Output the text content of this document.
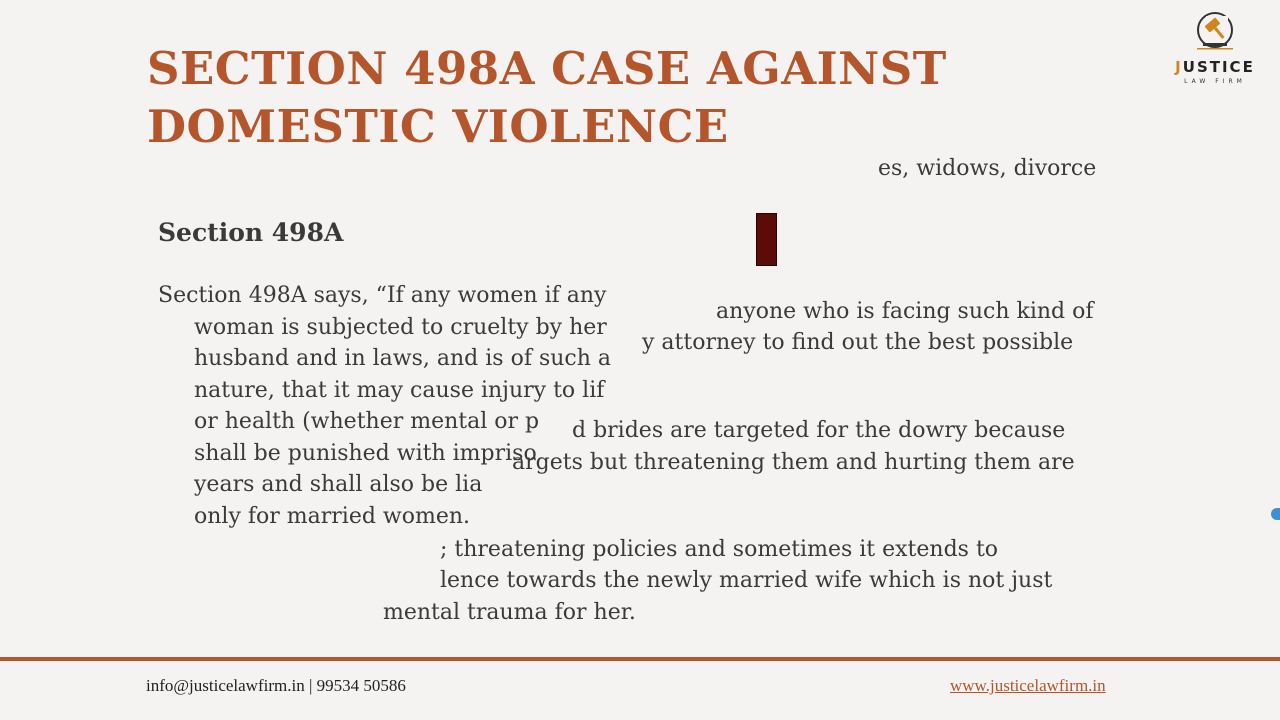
SECTION 498A CASE AGAINST
DOMESTIC VIOLENCE
JUSTICE
LAW FIRM
es, widows, divorce
anyone who is facing such kind of
y attorney to find out the best possible
d brides are targeted for the dowry because
argets but threatening them and hurting them are
; threatening policies and sometimes it extends to
lence towards the newly married wife which is not just
mental trauma for her.
Section 498A
Section 498A says, “If any women if any
woman is subjected to cruelty by her
husband and in laws, and is of such a
nature, that it may cause injury to lif
or health (whether mental or p
shall be punished with impriso
years and shall also be lia
only for married women.
info@justicelawfirm.in | 99534 50586	www.justicelawfirm.in
